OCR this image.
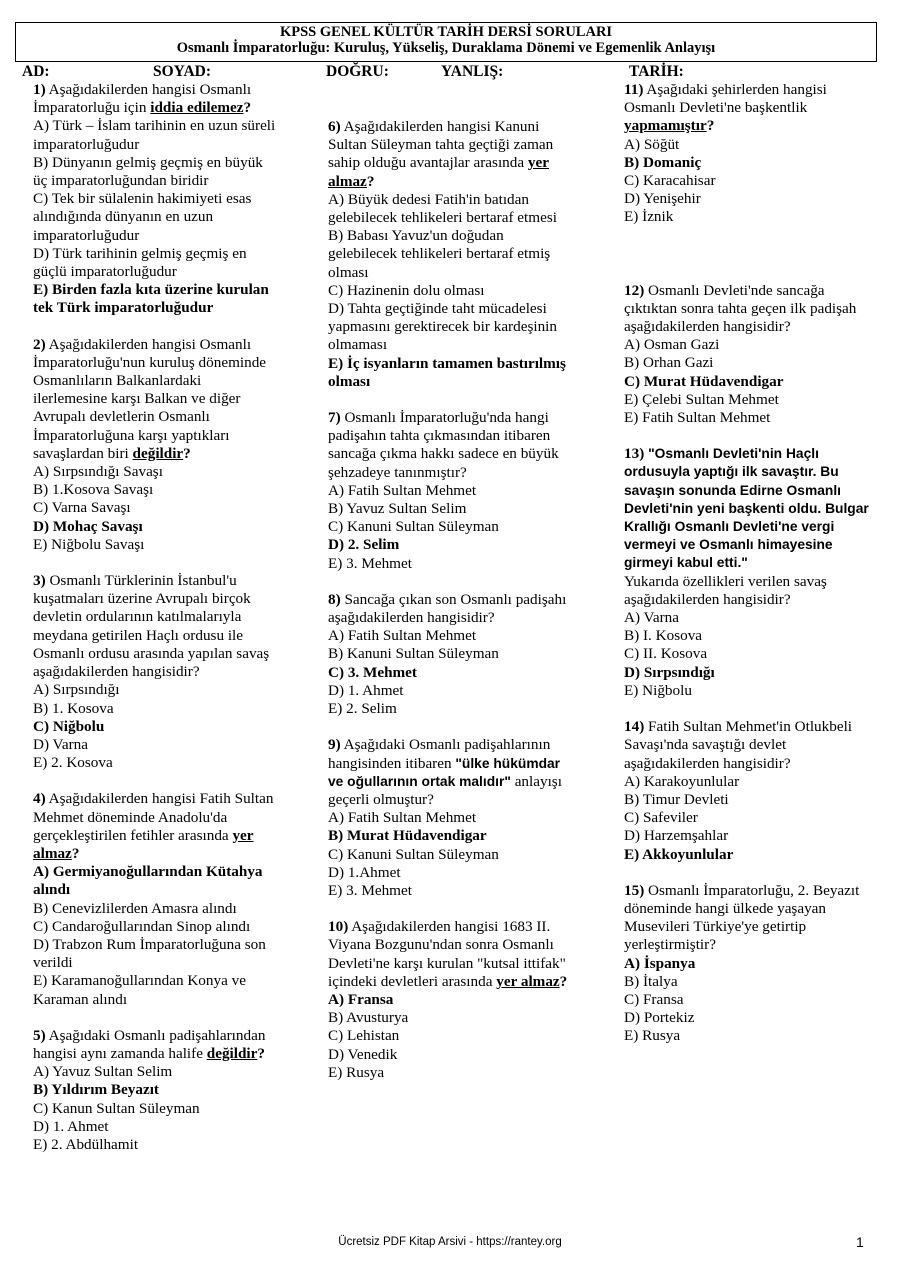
KPSS GENEL KÜLTÜR TARİH DERSİ SORULARI
Osmanlı İmparatorluğu: Kuruluş, Yükseliş, Duraklama Dönemi ve Egemenlik Anlayışı
AD:	SOYAD:	DOĞRU:	YANLIŞ:	TARİH:

1) Aşağıdakilerden hangisi Osmanlı İmparatorluğu için iddia edilemez?

A) Türk – İslam tarihinin en uzun süreli imparatorluğudur

B) Dünyanın gelmiş geçmiş en büyük üç imparatorluğundan biridir

C) Tek bir sülalenin hakimiyeti esas alındığında dünyanın en uzun imparatorluğudur

D) Türk tarihinin gelmiş geçmiş en güçlü imparatorluğudur

E) Birden fazla kıta üzerine kurulan tek Türk imparatorluğudur

2) Aşağıdakilerden hangisi Osmanlı İmparatorluğu'nun kuruluş döneminde Osmanlıların Balkanlardaki ilerlemesine karşı Balkan ve diğer Avrupalı devletlerin Osmanlı İmparatorluğuna karşı yaptıkları savaşlardan biri değildir?

A) Sırpsındığı Savaşı

B) 1.Kosova Savaşı

C) Varna Savaşı

D) Mohaç Savaşı

E) Niğbolu Savaşı

3) Osmanlı Türklerinin İstanbul'u kuşatmaları üzerine Avrupalı birçok devletin ordularının katılmalarıyla meydana getirilen Haçlı ordusu ile Osmanlı ordusu arasında yapılan savaş aşağıdakilerden hangisidir?

A) Sırpsındığı

B) 1. Kosova

C) Niğbolu

D) Varna

E) 2. Kosova

4) Aşağıdakilerden hangisi Fatih Sultan Mehmet döneminde Anadolu'da gerçekleştirilen fetihler arasında yer almaz?

A) Germiyanoğullarından Kütahya alındı

B) Cenevizlilerden Amasra alındı

C) Candaroğullarından Sinop alındı

D) Trabzon Rum İmparatorluğuna son verildi

E) Karamanoğullarından Konya ve Karaman alındı

5) Aşağıdaki Osmanlı padişahlarından hangisi aynı zamanda halife değildir?

A) Yavuz Sultan Selim

B) Yıldırım Beyazıt

C) Kanun Sultan Süleyman

D) 1. Ahmet

E) 2. Abdülhamit

6) Aşağıdakilerden hangisi Kanuni Sultan Süleyman tahta geçtiği zaman sahip olduğu avantajlar arasında yer almaz?

A) Büyük dedesi Fatih'in batıdan gelebilecek tehlikeleri bertaraf etmesi

B) Babası Yavuz'un doğudan gelebilecek tehlikeleri bertaraf etmiş olması

C) Hazinenin dolu olması

D) Tahta geçtiğinde taht mücadelesi yapmasını gerektirecek bir kardeşinin olmaması

E) İç isyanların tamamen bastırılmış olması

7) Osmanlı İmparatorluğu'nda hangi padişahın tahta çıkmasından itibaren sancağa çıkma hakkı sadece en büyük şehzadeye tanınmıştır?

A) Fatih Sultan Mehmet

B) Yavuz Sultan Selim

C) Kanuni Sultan Süleyman

D) 2. Selim

E) 3. Mehmet

8) Sancağa çıkan son Osmanlı padişahı aşağıdakilerden hangisidir?

A) Fatih Sultan Mehmet

B) Kanuni Sultan Süleyman

C) 3. Mehmet

D) 1. Ahmet

E) 2. Selim

9) Aşağıdaki Osmanlı padişahlarının hangisinden itibaren "ülke hükümdar ve oğullarının ortak malıdır" anlayışı geçerli olmuştur?

A) Fatih Sultan Mehmet

B) Murat Hüdavendigar

C) Kanuni Sultan Süleyman

D) 1.Ahmet

E) 3. Mehmet

10) Aşağıdakilerden hangisi 1683 II. Viyana Bozgunu'ndan sonra Osmanlı Devleti'ne karşı kurulan "kutsal ittifak" içindeki devletleri arasında yer almaz?

A) Fransa

B) Avusturya

C) Lehistan

D) Venedik

E) Rusya

11) Aşağıdaki şehirlerden hangisi Osmanlı Devleti'ne başkentlik yapmamıştır?

A) Söğüt

B) Domaniç

C) Karacahisar

D) Yenişehir

E) İznik

12) Osmanlı Devleti'nde sancağa çıktıktan sonra tahta geçen ilk padişah aşağıdakilerden hangisidir?

A) Osman Gazi

B) Orhan Gazi

C) Murat Hüdavendigar

E) Çelebi Sultan Mehmet

E) Fatih Sultan Mehmet

13) "Osmanlı Devleti'nin Haçlı ordusuyla yaptığı ilk savaştır. Bu savaşın sonunda Edirne Osmanlı Devleti'nin yeni başkenti oldu. Bulgar Krallığı Osmanlı Devleti'ne vergi vermeyi ve Osmanlı himayesine girmeyi kabul etti."

Yukarıda özellikleri verilen savaş aşağıdakilerden hangisidir?

A) Varna

B) I. Kosova

C) II. Kosova

D) Sırpsındığı

E) Niğbolu

14) Fatih Sultan Mehmet'in Otlukbeli Savaşı'nda savaştığı devlet aşağıdakilerden hangisidir?

A) Karakoyunlular

B) Timur Devleti

C) Safeviler

D) Harzemşahlar

E) Akkoyunlular

15) Osmanlı İmparatorluğu, 2. Beyazıt döneminde hangi ülkede yaşayan Musevileri Türkiye'ye getirtip yerleştirmiştir?

A) İspanya

B) İtalya

C) Fransa

D) Portekiz

E) Rusya

Ücretsiz PDF Kitap Arsivi - https://rantey.org	1
